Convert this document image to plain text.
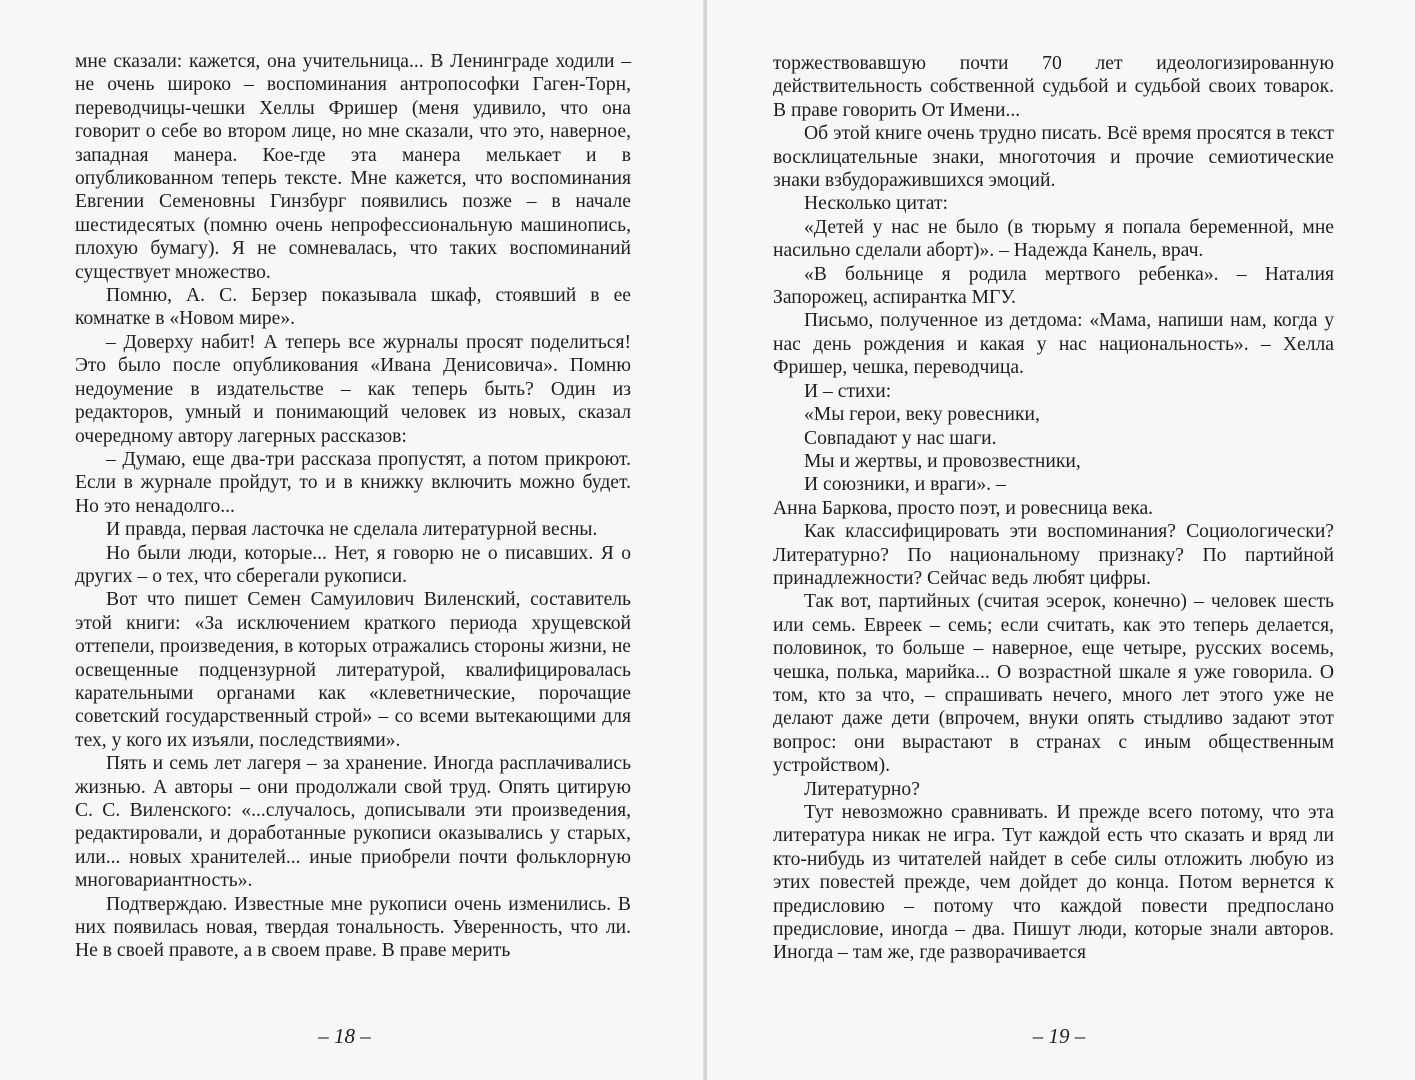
мне сказали: кажется, она учительница... В Ленинграде ходили – не очень широко – воспоминания антропософки Гаген-Торн, переводчицы-чешки Хеллы Фришер (меня удивило, что она говорит о себе во втором лице, но мне сказали, что это, наверное, западная манера. Кое-где эта манера мелькает и в опубликованном теперь тексте. Мне кажется, что воспоминания Евгении Семеновны Гинзбург появились позже – в начале шестидесятых (помню очень непрофессиональную машинопись, плохую бумагу). Я не сомневалась, что таких воспоминаний существует множество.

Помню, А. С. Берзер показывала шкаф, стоявший в ее комнатке в «Новом мире».

– Доверху набит! А теперь все журналы просят поделиться! Это было после опубликования «Ивана Денисовича». Помню недоумение в издательстве – как теперь быть? Один из редакторов, умный и понимающий человек из новых, сказал очередному автору лагерных рассказов:

– Думаю, еще два-три рассказа пропустят, а потом прикроют. Если в журнале пройдут, то и в книжку включить можно будет. Но это ненадолго...

И правда, первая ласточка не сделала литературной весны.

Но были люди, которые... Нет, я говорю не о писавших. Я о других – о тех, что сберегали рукописи.

Вот что пишет Семен Самуилович Виленский, составитель этой книги: «За исключением краткого периода хрущевской оттепели, произведения, в которых отражались стороны жизни, не освещенные подцензурной литературой, квалифицировалась карательными органами как «клеветнические, порочащие советский государственный строй» – со всеми вытекающими для тех, у кого их изъяли, последствиями».

Пять и семь лет лагеря – за хранение. Иногда расплачивались жизнью. А авторы – они продолжали свой труд. Опять цитирую С. С. Виленского: «...случалось, дописывали эти произведения, редактировали, и доработанные рукописи оказывались у старых, или... новых хранителей... иные приобрели почти фольклорную многовариантность».

Подтверждаю. Известные мне рукописи очень изменились. В них появилась новая, твердая тональность. Уверенность, что ли. Не в своей правоте, а в своем праве. В праве мерить

– 18 –

торжествовавшую почти 70 лет идеологизированную действительность собственной судьбой и судьбой своих товарок. В праве говорить От Имени...

Об этой книге очень трудно писать. Всё время просятся в текст восклицательные знаки, многоточия и прочие семиотические знаки взбудоражившихся эмоций.

Несколько цитат:

«Детей у нас не было (в тюрьму я попала беременной, мне насильно сделали аборт)». – Надежда Канель, врач.

«В больнице я родила мертвого ребенка». – Наталия Запорожец, аспирантка МГУ.

Письмо, полученное из детдома: «Мама, напиши нам, когда у нас день рождения и какая у нас национальность». – Хелла Фришер, чешка, переводчица.

И – стихи:

«Мы герои, веку ровесники,

Совпадают у нас шаги.

Мы и жертвы, и провозвестники,

И союзники, и враги». –

Анна Баркова, просто поэт, и ровесница века.

Как классифицировать эти воспоминания? Социологически? Литературно? По национальному признаку? По партийной принадлежности? Сейчас ведь любят цифры.

Так вот, партийных (считая эсерок, конечно) – человек шесть или семь. Евреек – семь; если считать, как это теперь делается, половинок, то больше – наверное, еще четыре, русских восемь, чешка, полька, марийка... О возрастной шкале я уже говорила. О том, кто за что, – спрашивать нечего, много лет этого уже не делают даже дети (впрочем, внуки опять стыдливо задают этот вопрос: они вырастают в странах с иным общественным устройством).

Литературно?

Тут невозможно сравнивать. И прежде всего потому, что эта литература никак не игра. Тут каждой есть что сказать и вряд ли кто-нибудь из читателей найдет в себе силы отложить любую из этих повестей прежде, чем дойдет до конца. Потом вернется к предисловию – потому что каждой повести предпослано предисловие, иногда – два. Пишут люди, которые знали авторов. Иногда – там же, где разворачивается

– 19 –
